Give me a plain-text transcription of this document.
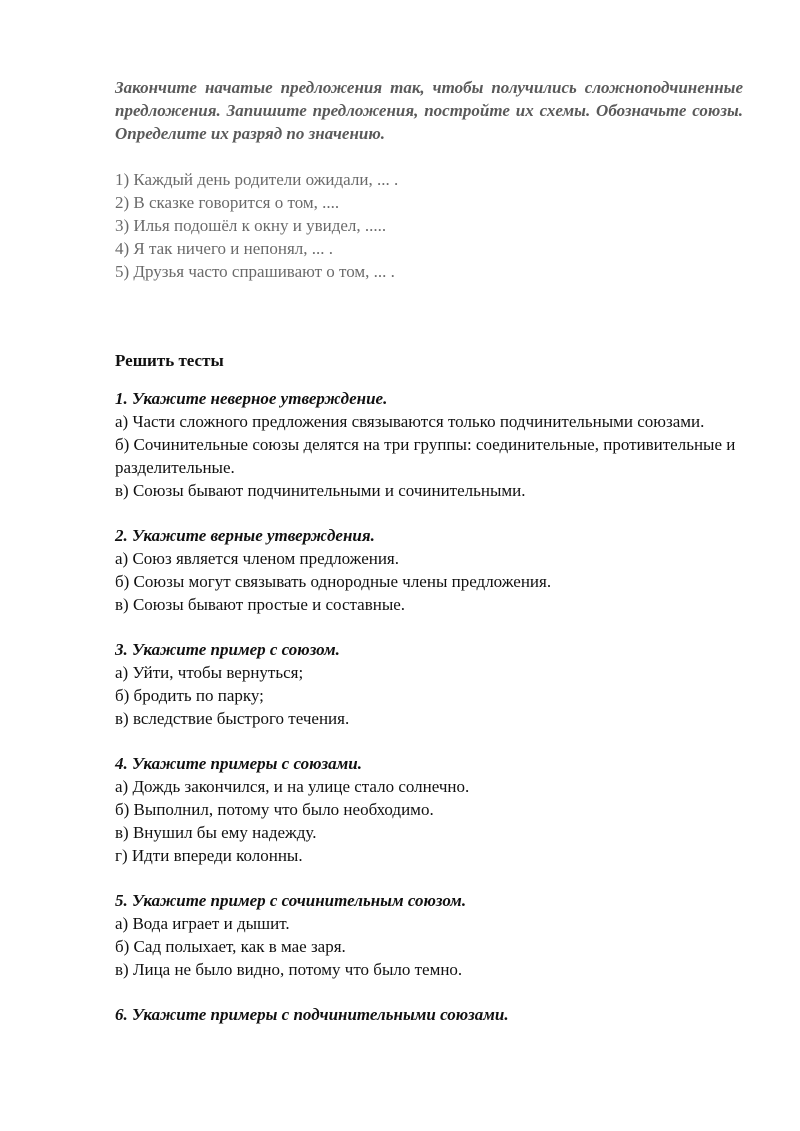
Закончите начатые предложения так, чтобы получились сложноподчиненные предложения. Запишите предложения, постройте их схемы. Обозначьте союзы. Определите их разряд по значению.

1) Каждый день родители ожидали, ... .
2) В сказке говорится о том, ....
3) Илья подошёл к окну и увидел, .....
4) Я так ничего и непонял, ... .
5) Друзья часто спрашивают о том, ... .

Решить тесты

1. Укажите неверное утверждение.

а) Части сложного предложения связываются только подчинительными союзами.

б) Сочинительные союзы делятся на три группы: соединительные, противительные и разделительные.

в) Союзы бывают подчинительными и сочинительными.

2. Укажите верные утверждения.

а) Союз является членом предложения.

б) Союзы могут связывать однородные члены предложения.

в) Союзы бывают простые и составные.

3. Укажите пример с союзом.

а) Уйти, чтобы вернуться;

б) бродить по парку;

в) вследствие быстрого течения.

4. Укажите примеры с союзами.

а) Дождь закончился, и на улице стало солнечно.

б) Выполнил, потому что было необходимо.

в) Внушил бы ему надежду.

г) Идти впереди колонны.

5. Укажите пример с сочинительным союзом.

а) Вода играет и дышит.

б) Сад полыхает, как в мае заря.

в) Лица не было видно, потому что было темно.

6. Укажите примеры с подчинительными союзами.
